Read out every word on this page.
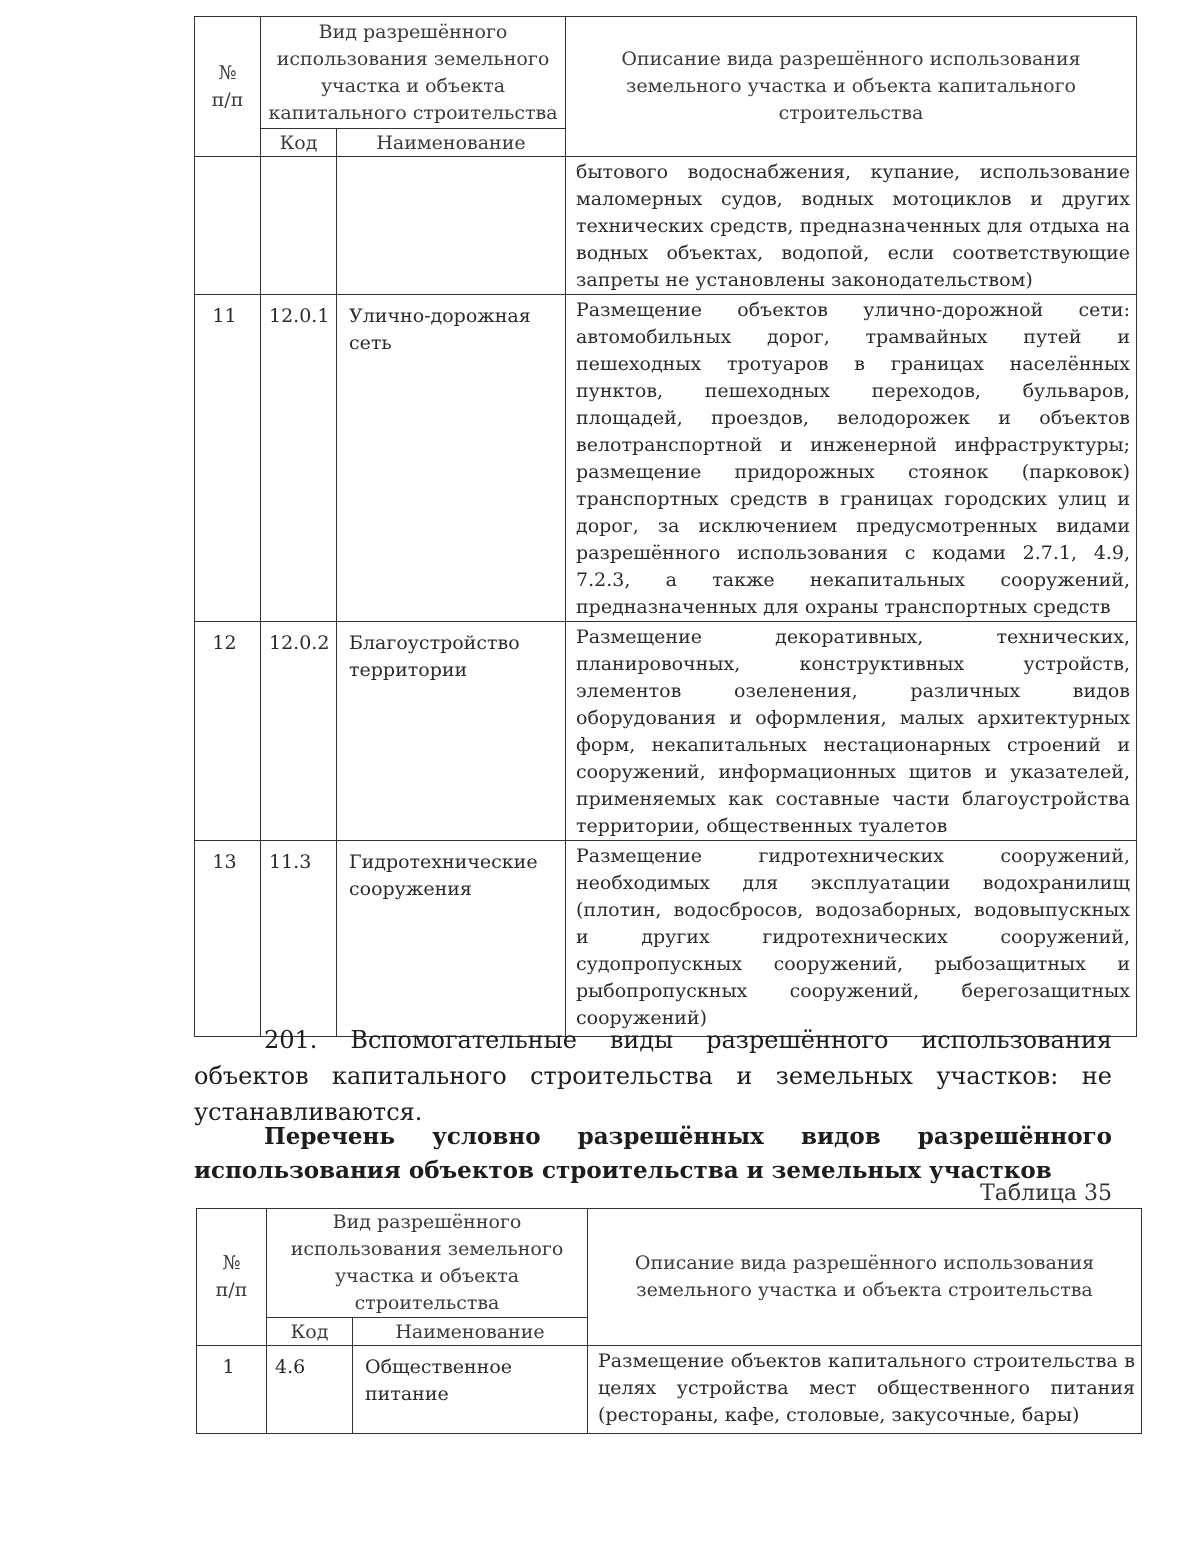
№
п/п	Вид разрешённого использования земельного участка и объекта капитального строительства		Описание вида разрешённого использования земельного участка и объекта капитального строительства
	Код	Наименование	
			бытового водоснабжения, купание, использование маломерных судов, водных мотоциклов и других технических средств, предназначенных для отдыха на водных объектах, водопой, если соответствующие запреты не установлены законодательством)
11	12.0.1	Улично-дорожная сеть	Размещение объектов улично-дорожной сети: автомобильных дорог, трамвайных путей и пешеходных тротуаров в границах населённых пунктов, пешеходных переходов, бульваров, площадей, проездов, велодорожек и объектов велотранспортной и инженерной инфраструктуры; размещение придорожных стоянок (парковок) транспортных средств в границах городских улиц и дорог, за исключением предусмотренных видами разрешённого использования с кодами 2.7.1, 4.9, 7.2.3, а также некапитальных сооружений, предназначенных для охраны транспортных средств
12	12.0.2	Благоустройство территории	Размещение декоративных, технических, планировочных, конструктивных устройств, элементов озеленения, различных видов оборудования и оформления, малых архитектурных форм, некапитальных нестационарных строений и сооружений, информационных щитов и указателей, применяемых как составные части благоустройства территории, общественных туалетов
13	11.3	Гидротехнические сооружения	Размещение гидротехнических сооружений, необходимых для эксплуатации водохранилищ (плотин, водосбросов, водозаборных, водовыпускных и других гидротехнических сооружений, судопропускных сооружений, рыбозащитных и рыбопропускных сооружений, берегозащитных сооружений)

201. Вспомогательные виды разрешённого использования объектов капитального строительства и земельных участков: не устанавливаются.

Перечень условно разрешённых видов разрешённого использования объектов строительства и земельных участков

Таблица 35
№
п/п	Вид разрешённого использования земельного участка и объекта строительства		Описание вида разрешённого использования земельного участка и объекта строительства
	Код	Наименование	
1	4.6	Общественное питание	Размещение объектов капитального строительства в целях устройства мест общественного питания (рестораны, кафе, столовые, закусочные, бары)
